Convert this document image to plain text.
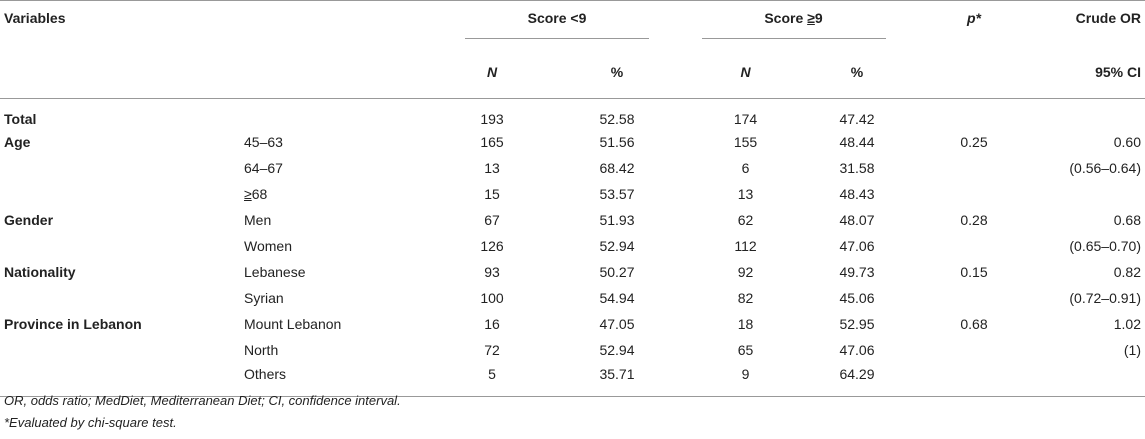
Variables		Score <9		Score ≥9		p*	Crude OR
		N	%	N	%		95% CI
Total		193	52.58	174	47.42		
Age	45–63	165	51.56	155	48.44	0.25	0.60
	64–67	13	68.42	6	31.58		(0.56–0.64)
	≥68	15	53.57	13	48.43		
Gender	Men	67	51.93	62	48.07	0.28	0.68
	Women	126	52.94	112	47.06		(0.65–0.70)
Nationality	Lebanese	93	50.27	92	49.73	0.15	0.82
	Syrian	100	54.94	82	45.06		(0.72–0.91)
Province in Lebanon	Mount Lebanon	16	47.05	18	52.95	0.68	1.02
	North	72	52.94	65	47.06		(1)
	Others	5	35.71	9	64.29		
OR, odds ratio; MedDiet, Mediterranean Diet; CI, confidence interval.
*Evaluated by chi-square test.
